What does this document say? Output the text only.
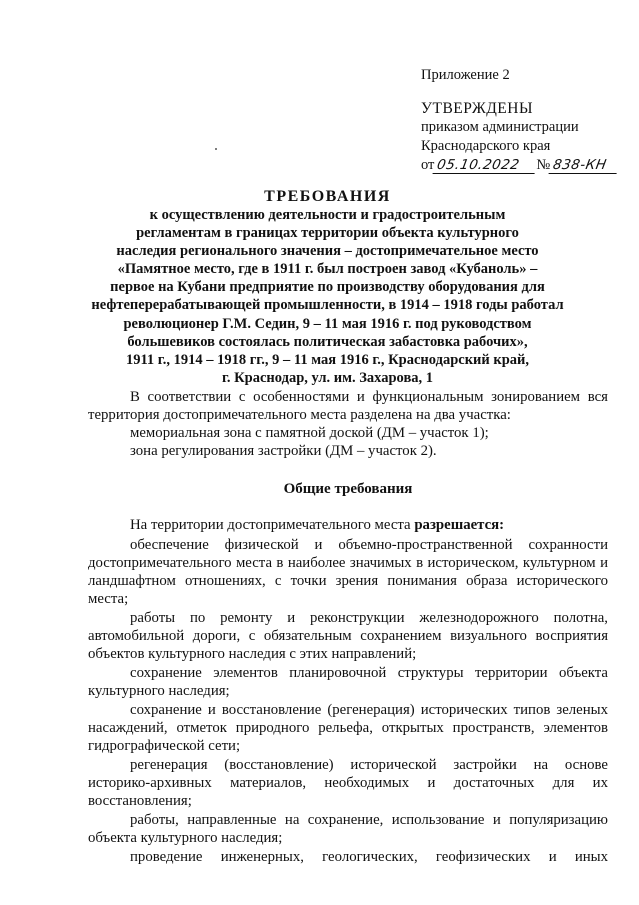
Приложение 2
УТВЕРЖДЕНЫ
приказом администрации
Краснодарского края
от 05.10.2022 № 838-КН
ТРЕБОВАНИЯ
к осуществлению деятельности и градостроительным
регламентам в границах территории объекта культурного
наследия регионального значения – достопримечательное место
«Памятное место, где в 1911 г. был построен завод «Кубаноль» –
первое на Кубани предприятие по производству оборудования для
нефтеперерабатывающей промышленности, в 1914 – 1918 годы работал
революционер Г.М. Седин, 9 – 11 мая 1916 г. под руководством
большевиков состоялась политическая забастовка рабочих»,
1911 г., 1914 – 1918 гг., 9 – 11 мая 1916 г., Краснодарский край,
г. Краснодар, ул. им. Захарова, 1

В соответствии с особенностями и функциональным зонированием вся территория достопримечательного места разделена на два участка:

мемориальная зона с памятной доской (ДМ – участок 1);

зона регулирования застройки (ДМ – участок 2).

Общие требования

На территории достопримечательного места разрешается:

обеспечение физической и объемно-пространственной сохранности достопримечательного места в наиболее значимых в историческом, культурном и ландшафтном отношениях, с точки зрения понимания образа исторического места;

работы по ремонту и реконструкции железнодорожного полотна, автомобильной дороги, с обязательным сохранением визуального восприятия объектов культурного наследия с этих направлений;

сохранение элементов планировочной структуры территории объекта культурного наследия;

сохранение и восстановление (регенерация) исторических типов зеленых насаждений, отметок природного рельефа, открытых пространств, элементов гидрографической сети;

регенерация (восстановление) исторической застройки на основе историко-архивных материалов, необходимых и достаточных для их восстановления;

работы, направленные на сохранение, использование и популяризацию объекта культурного наследия;

проведение инженерных, геологических, геофизических и иных
